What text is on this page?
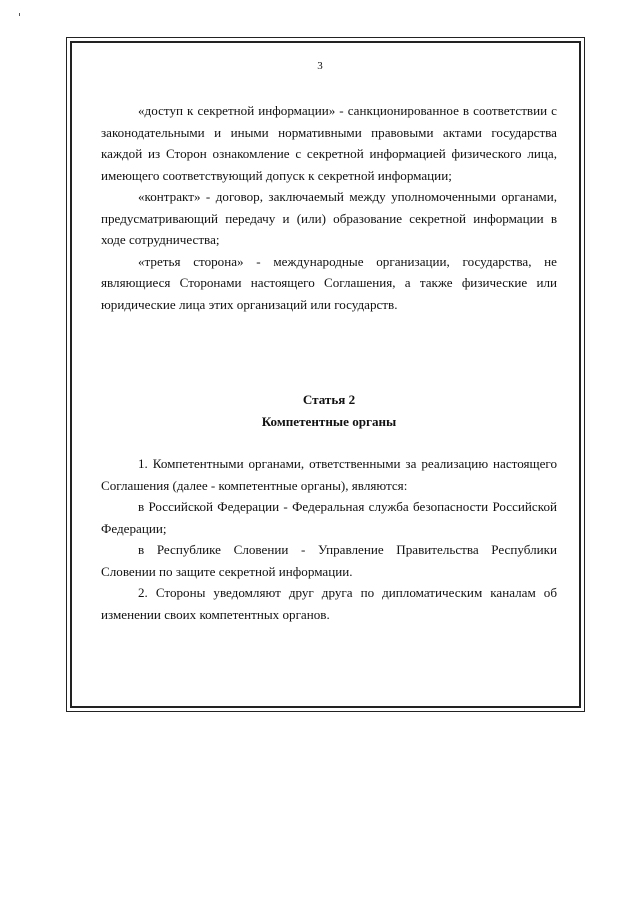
3

«доступ к секретной информации» - санкционированное в соответствии с законодательными и иными нормативными правовыми актами государства каждой из Сторон ознакомление с секретной информацией физического лица, имеющего соответствующий допуск к секретной информации;

«контракт» - договор, заключаемый между уполномоченными органами, предусматривающий передачу и (или) образование секретной информации в ходе сотрудничества;

«третья сторона» - международные организации, государства, не являющиеся Сторонами настоящего Соглашения, а также физические или юридические лица этих организаций или государств.

Статья 2

Компетентные органы

1. Компетентными органами, ответственными за реализацию настоящего Соглашения (далее - компетентные органы), являются:

в Российской Федерации - Федеральная служба безопасности Российской Федерации;

в Республике Словении - Управление Правительства Республики Словении по защите секретной информации.

2. Стороны уведомляют друг друга по дипломатическим каналам об изменении своих компетентных органов.
